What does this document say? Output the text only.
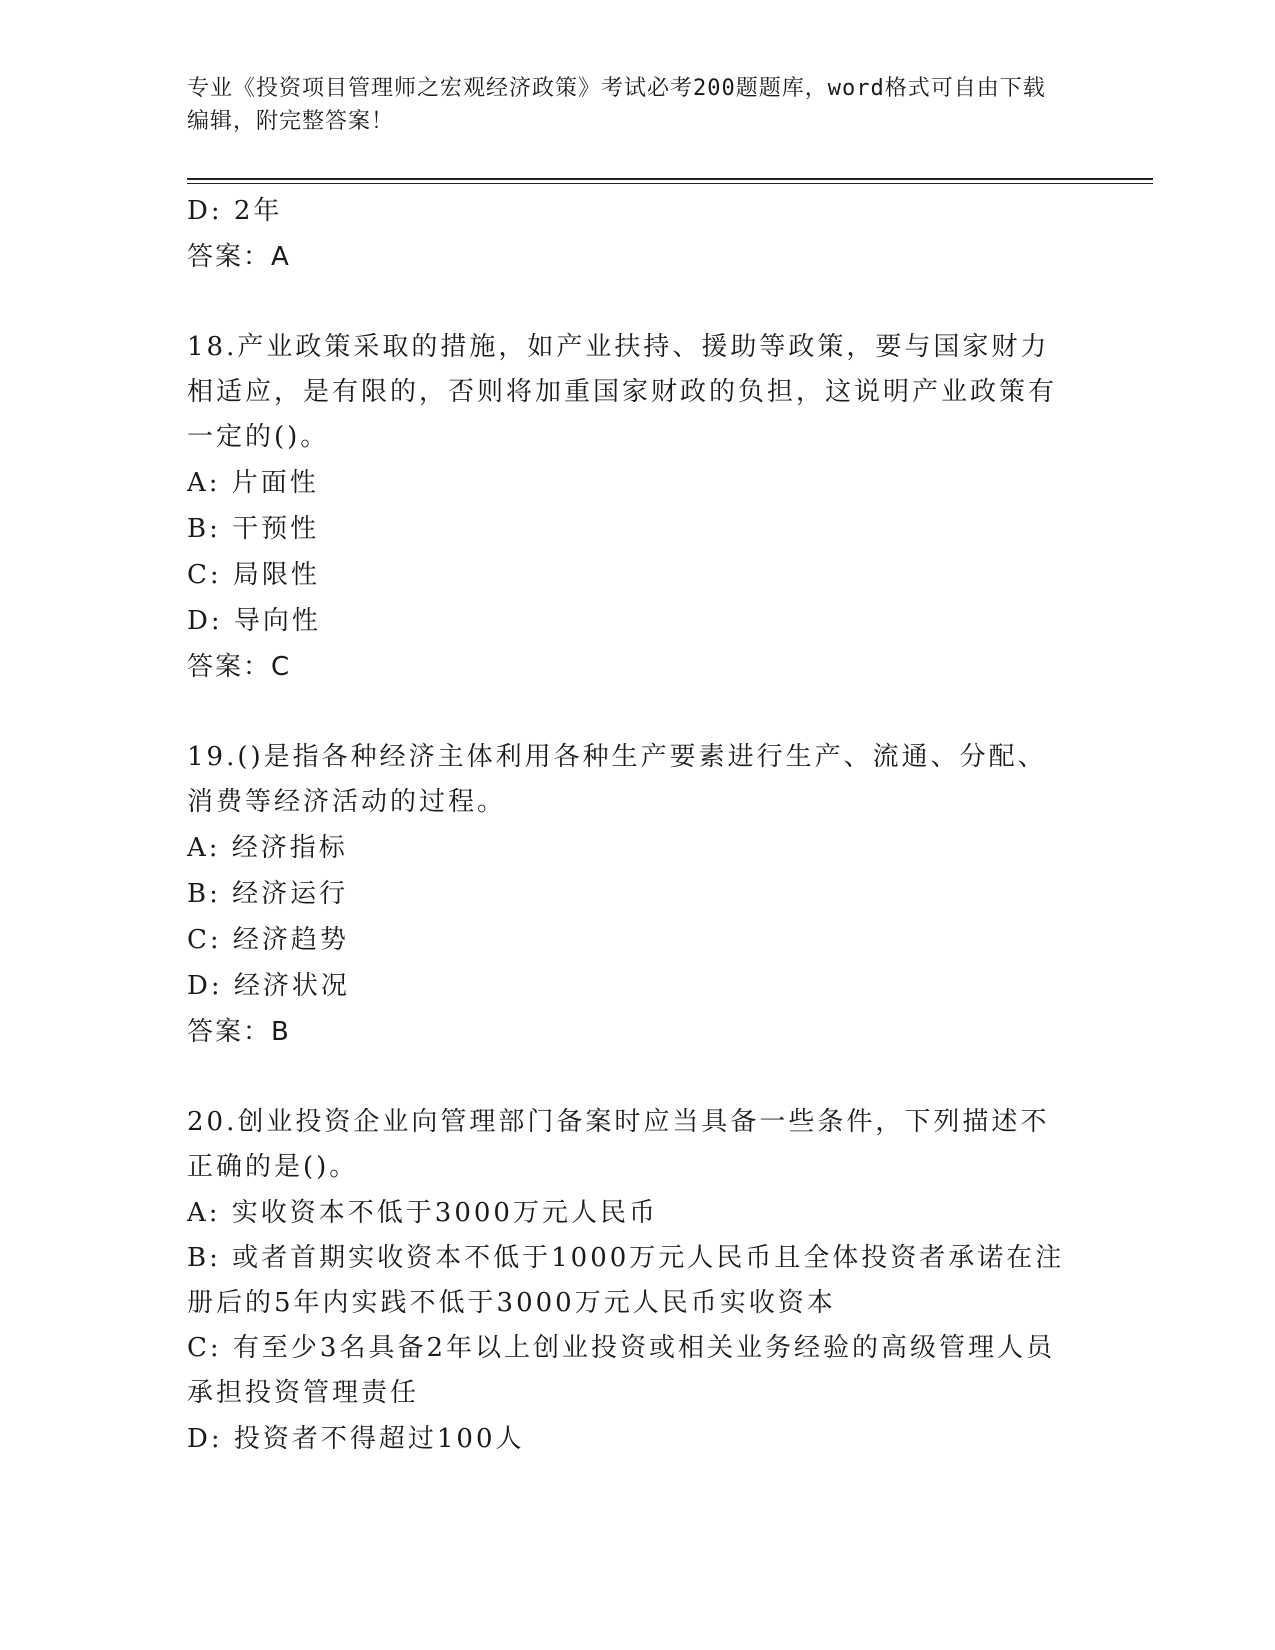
专业《投资项目管理师之宏观经济政策》考试必考200题题库，word格式可自由下载编辑，附完整答案！
D: 2年
答案：A
18.产业政策采取的措施，如产业扶持、援助等政策，要与国家财力相适应，是有限的，否则将加重国家财政的负担，这说明产业政策有一定的()。
A: 片面性
B: 干预性
C: 局限性
D: 导向性
答案：C
19.()是指各种经济主体利用各种生产要素进行生产、流通、分配、消费等经济活动的过程。
A: 经济指标
B: 经济运行
C: 经济趋势
D: 经济状况
答案：B
20.创业投资企业向管理部门备案时应当具备一些条件，下列描述不正确的是()。
A: 实收资本不低于3000万元人民币
B: 或者首期实收资本不低于1000万元人民币且全体投资者承诺在注册后的5年内实践不低于3000万元人民币实收资本
C: 有至少3名具备2年以上创业投资或相关业务经验的高级管理人员承担投资管理责任
D: 投资者不得超过100人
